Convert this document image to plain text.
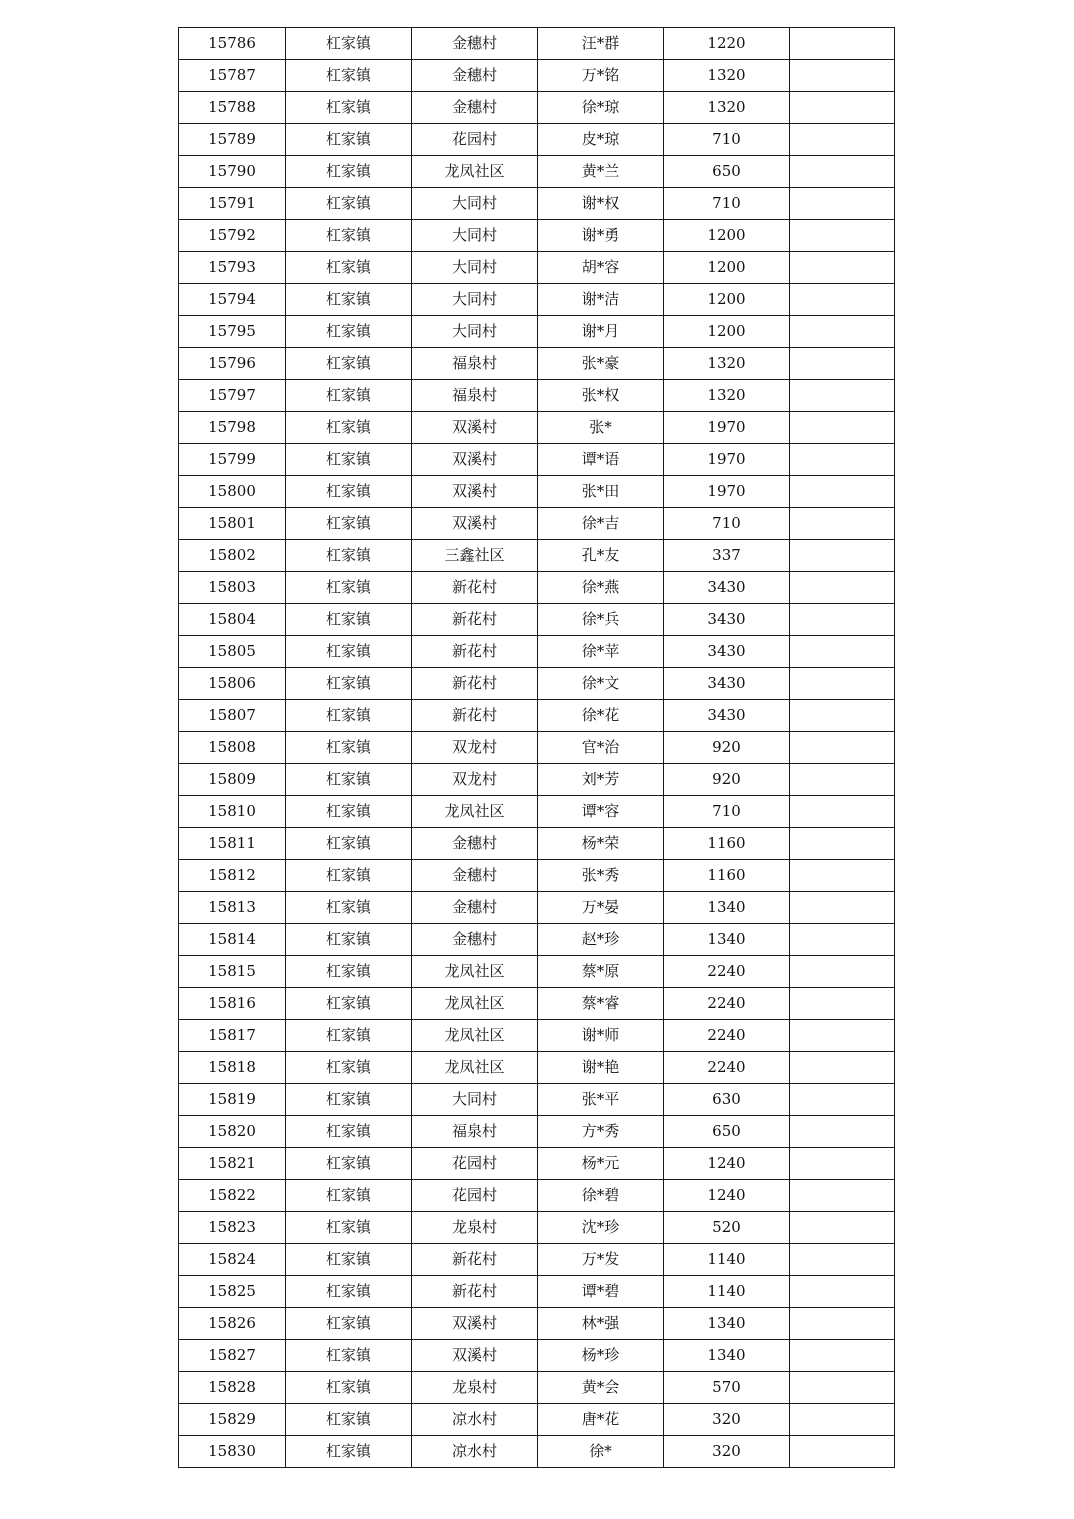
15786	杠家镇	金穗村	汪*群	1220	
15787	杠家镇	金穗村	万*铭	1320	
15788	杠家镇	金穗村	徐*琼	1320	
15789	杠家镇	花园村	皮*琼	710	
15790	杠家镇	龙凤社区	黄*兰	650	
15791	杠家镇	大同村	谢*权	710	
15792	杠家镇	大同村	谢*勇	1200	
15793	杠家镇	大同村	胡*容	1200	
15794	杠家镇	大同村	谢*洁	1200	
15795	杠家镇	大同村	谢*月	1200	
15796	杠家镇	福泉村	张*豪	1320	
15797	杠家镇	福泉村	张*权	1320	
15798	杠家镇	双溪村	张*	1970	
15799	杠家镇	双溪村	谭*语	1970	
15800	杠家镇	双溪村	张*田	1970	
15801	杠家镇	双溪村	徐*吉	710	
15802	杠家镇	三鑫社区	孔*友	337	
15803	杠家镇	新花村	徐*燕	3430	
15804	杠家镇	新花村	徐*兵	3430	
15805	杠家镇	新花村	徐*苹	3430	
15806	杠家镇	新花村	徐*文	3430	
15807	杠家镇	新花村	徐*花	3430	
15808	杠家镇	双龙村	官*治	920	
15809	杠家镇	双龙村	刘*芳	920	
15810	杠家镇	龙凤社区	谭*容	710	
15811	杠家镇	金穗村	杨*荣	1160	
15812	杠家镇	金穗村	张*秀	1160	
15813	杠家镇	金穗村	万*晏	1340	
15814	杠家镇	金穗村	赵*珍	1340	
15815	杠家镇	龙凤社区	蔡*原	2240	
15816	杠家镇	龙凤社区	蔡*睿	2240	
15817	杠家镇	龙凤社区	谢*师	2240	
15818	杠家镇	龙凤社区	谢*艳	2240	
15819	杠家镇	大同村	张*平	630	
15820	杠家镇	福泉村	方*秀	650	
15821	杠家镇	花园村	杨*元	1240	
15822	杠家镇	花园村	徐*碧	1240	
15823	杠家镇	龙泉村	沈*珍	520	
15824	杠家镇	新花村	万*发	1140	
15825	杠家镇	新花村	谭*碧	1140	
15826	杠家镇	双溪村	林*强	1340	
15827	杠家镇	双溪村	杨*珍	1340	
15828	杠家镇	龙泉村	黄*会	570	
15829	杠家镇	凉水村	唐*花	320	
15830	杠家镇	凉水村	徐*	320	
